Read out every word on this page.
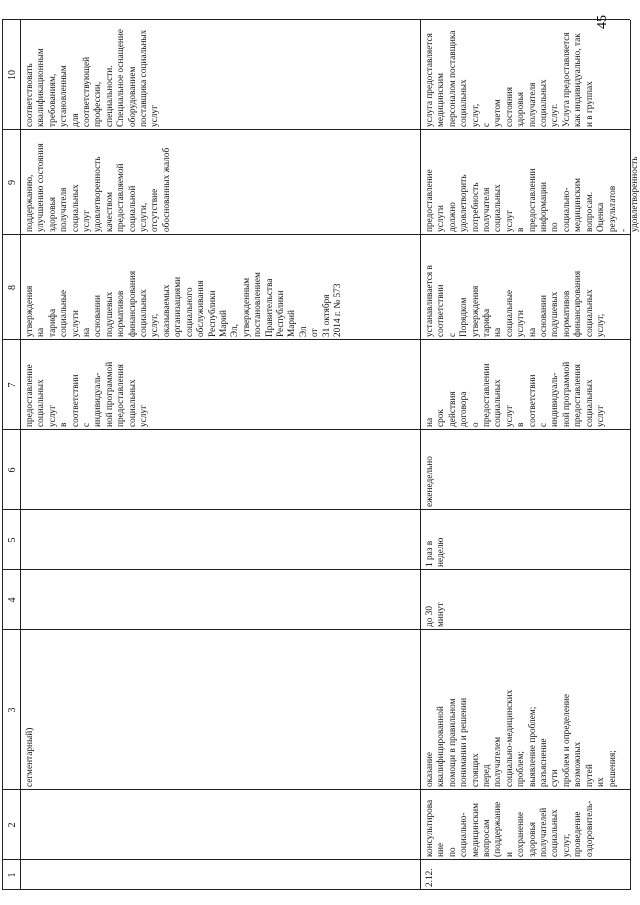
1
2
3
4
5
6
7
8
9
10
сегментарный)
предоставление социальных услуг в соответствии с индивидуаль- ной программой предоставления социальных услуг
утверждения на тарифа социальные услуги на основании подушевых нормативов финансирования социальных услуг, оказываемых организациями социального обслуживания Республики Марий Эл, утвержденным постановлением Правительства Республики Марий Эл от 31 октября 2014 г. № 573
поддержанию, улучшению состояния здоровья получателя социальных услуг удовлетворенность качеством предоставляемой социальной услуги, отсутствие обоснованных жалоб
соответствовать квалификационным требованиям, установленным для соответствующей профессии, специальности. Специальное оснащение оборудованием поставщика социальных услуг
2.12.
консультирова ние по социально- медицинским вопросам (поддержание и сохранение здоровья получателей социальных услуг, проведение оздоровитель-
оказание квалифицированной помощи в правильном понимании и решении стоящих перед получателем социально-медицинских проблем; выявление проблем; разъяснение сути проблем и определение возможных путей их решения;
до 30 минут
1 раз в неделю
еженедельно
на срок действия договора о предоставлении социальных услуг в соответствии с индивидуаль- ной программой предоставления социальных услуг
устанавливается в соответствии с Порядком утверждения тарифа на социальные услуги на основании подушевых нормативов финансирования социальных услуг,
предоставление услуги должно удовлетворить потребность получателя социальных услуг в предоставлении информации по социально- медицинским вопросам. Оценка результатов - удовлетворенность
услуга предоставляется медицинским персоналом поставщика социальных услуг, с учетом состояния здоровья получателя социальных услуг. Услуга предоставляется как индивидуально, так и в группах
45
